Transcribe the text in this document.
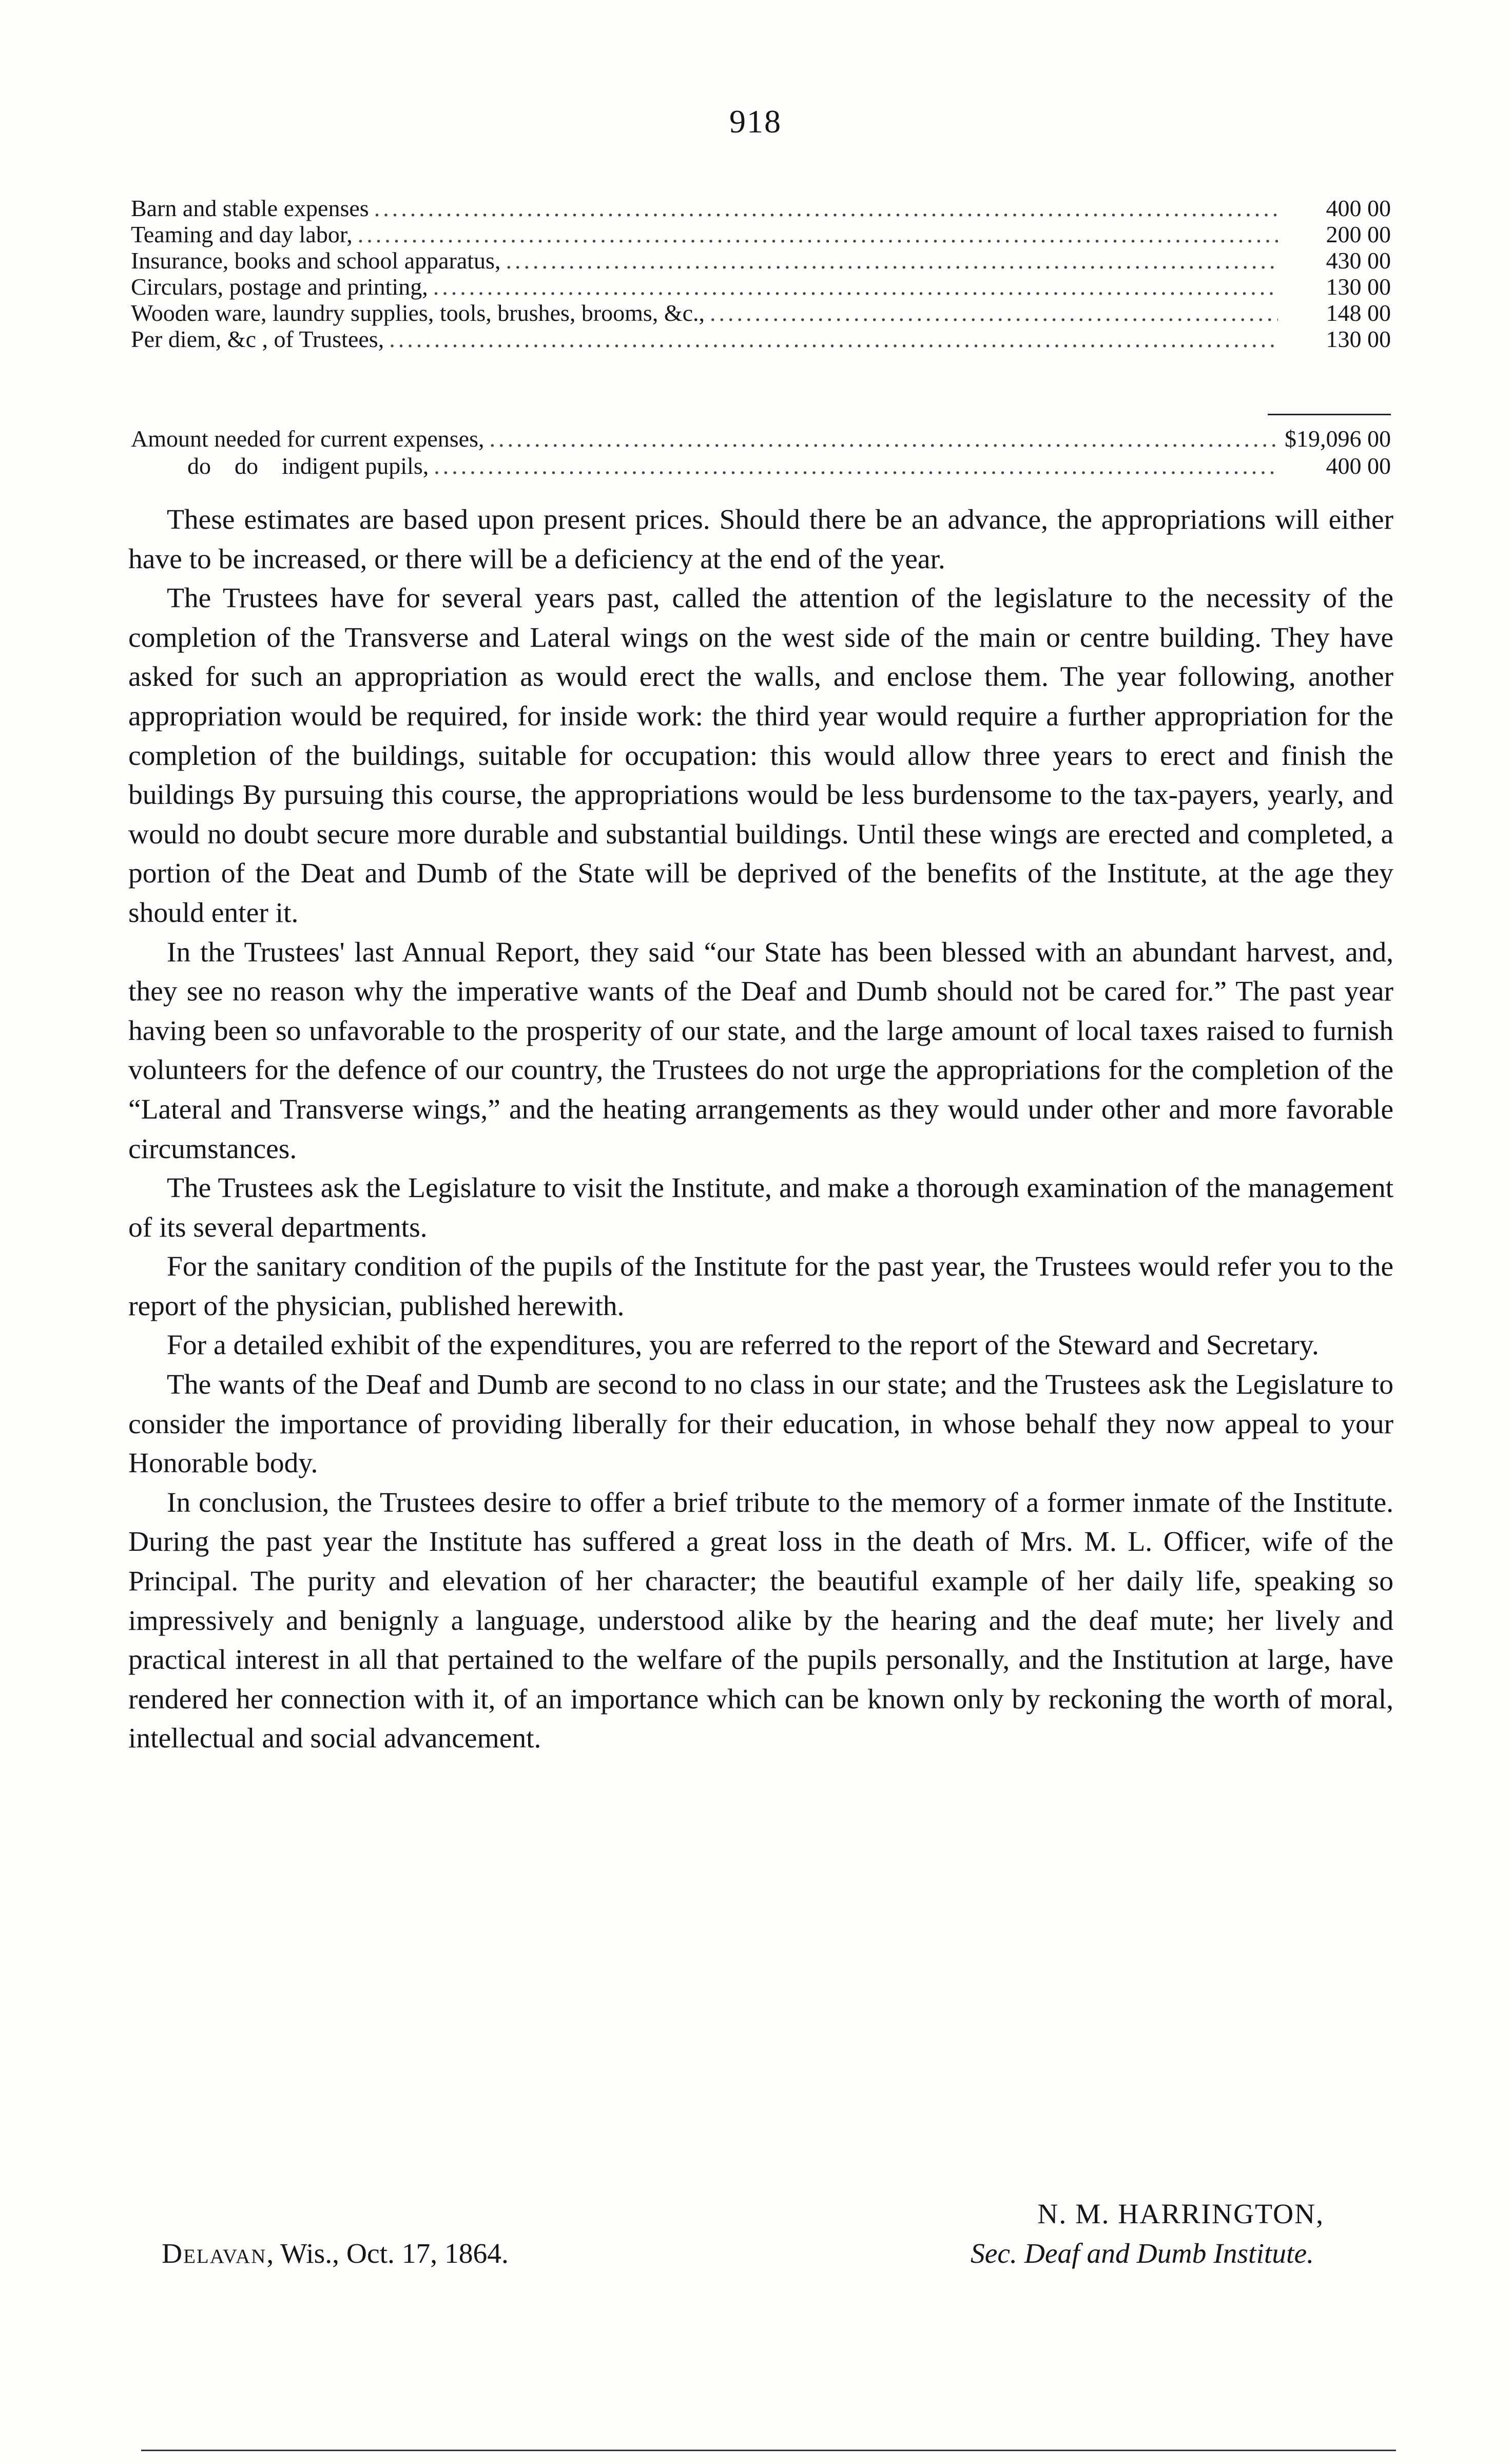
918
Barn and stable expenses .....	400 00
Teaming and day labor, .....	200 00
Insurance, books and school apparatus, .....	430 00
Circulars, postage and printing, .....	130 00
Wooden ware, laundry supplies, tools, brushes, brooms, &c., .....	148 00
Per diem, &c , of Trustees, .....	130 00
Amount needed for current expenses, .....	$19,096 00
do    do    indigent pupils, .....	400 00

These estimates are based upon present prices. Should there be an advance, the appropriations will either have to be increased, or there will be a deficiency at the end of the year.

The Trustees have for several years past, called the attention of the legislature to the necessity of the completion of the Transverse and Lateral wings on the west side of the main or centre building. They have asked for such an appropriation as would erect the walls, and enclose them. The year following, another appropriation would be required, for inside work: the third year would require a further appropriation for the completion of the buildings, suitable for occupation: this would allow three years to erect and finish the buildings By pursuing this course, the appropriations would be less burdensome to the tax-payers, yearly, and would no doubt secure more durable and substantial buildings. Until these wings are erected and completed, a portion of the Deat and Dumb of the State will be deprived of the benefits of the Institute, at the age they should enter it.

In the Trustees' last Annual Report, they said “our State has been blessed with an abundant harvest, and, they see no reason why the imperative wants of the Deaf and Dumb should not be cared for.” The past year having been so unfavorable to the prosperity of our state, and the large amount of local taxes raised to furnish volunteers for the defence of our country, the Trustees do not urge the appropriations for the completion of the “Lateral and Transverse wings,” and the heating arrangements as they would under other and more favorable circumstances.

The Trustees ask the Legislature to visit the Institute, and make a thorough examination of the management of its several departments.

For the sanitary condition of the pupils of the Institute for the past year, the Trustees would refer you to the report of the physician, published herewith.

For a detailed exhibit of the expenditures, you are referred to the report of the Steward and Secretary.

The wants of the Deaf and Dumb are second to no class in our state; and the Trustees ask the Legislature to consider the importance of providing liberally for their education, in whose behalf they now appeal to your Honorable body.

In conclusion, the Trustees desire to offer a brief tribute to the memory of a former inmate of the Institute. During the past year the Institute has suffered a great loss in the death of Mrs. M. L. Officer, wife of the Principal. The purity and elevation of her character; the beautiful example of her daily life, speaking so impressively and benignly a language, understood alike by the hearing and the deaf mute; her lively and practical interest in all that pertained to the welfare of the pupils personally, and the Institution at large, have rendered her connection with it, of an importance which can be known only by reckoning the worth of moral, intellectual and social advancement.

N. M. HARRINGTON,
Delavan, Wis., Oct. 17, 1864.	Sec. Deaf and Dumb Institute.
